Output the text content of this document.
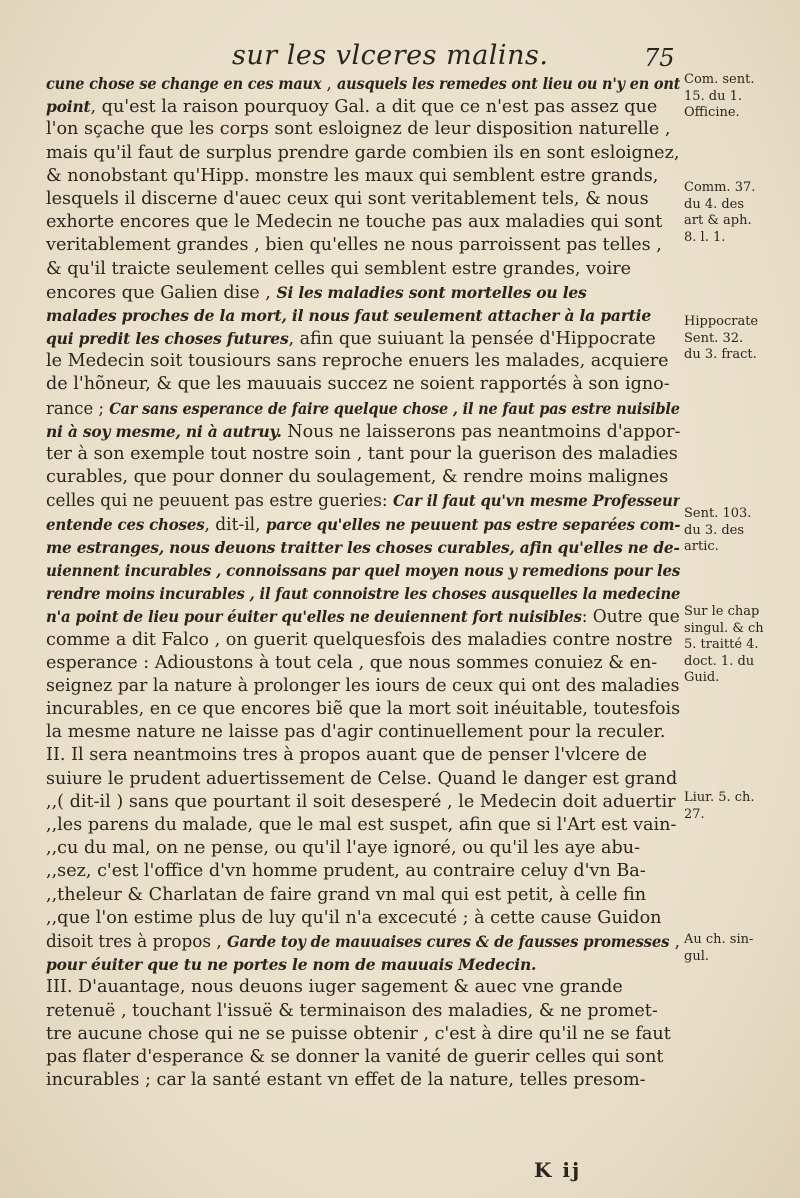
sur les vlceres malins.	75
cune chose se change en ces maux , ausquels les remedes ont lieu ou n'y en ont
point, qu'est la raison pourquoy Gal. a dit que ce n'est pas assez que
l'on sçache que les corps sont esloignez de leur disposition naturelle ,
mais qu'il faut de surplus prendre garde combien ils en sont esloignez,
& nonobstant qu'Hipp. monstre les maux qui semblent estre grands,
lesquels il discerne d'auec ceux qui sont veritablement tels, & nous
exhorte encores que le Medecin ne touche pas aux maladies qui sont
veritablement grandes , bien qu'elles ne nous parroissent pas telles ,
& qu'il traicte seulement celles qui semblent estre grandes, voire
encores que Galien dise , Si les maladies sont mortelles ou les
malades proches de la mort, il nous faut seulement attacher à la partie
qui predit les choses futures, afin que suiuant la pensée d'Hippocrate
le Medecin soit tousiours sans reproche enuers les malades, acquiere
de l'hõneur, & que les mauuais succez ne soient rapportés à son igno-
rance ; Car sans esperance de faire quelque chose , il ne faut pas estre nuisible
ni à soy mesme, ni à autruy. Nous ne laisserons pas neantmoins d'appor-
ter à son exemple tout nostre soin , tant pour la guerison des maladies
curables, que pour donner du soulagement, & rendre moins malignes
celles qui ne peuuent pas estre gueries: Car il faut qu'vn mesme Professeur
entende ces choses, dit-il, parce qu'elles ne peuuent pas estre separées com-
me estranges, nous deuons traitter les choses curables, afin qu'elles ne de-
uiennent incurables , connoissans par quel moyen nous y remedions pour les
rendre moins incurables , il faut connoistre les choses ausquelles la medecine
n'a point de lieu pour éuiter qu'elles ne deuiennent fort nuisibles: Outre que
comme a dit Falco , on guerit quelquesfois des maladies contre nostre
esperance : Adioustons à tout cela , que nous sommes conuiez & en-
seignez par la nature à prolonger les iours de ceux qui ont des maladies
incurables, en ce que encores biẽ que la mort soit inéuitable, toutesfois
la mesme nature ne laisse pas d'agir continuellement pour la reculer.
II. Il sera neantmoins tres à propos auant que de penser l'vlcere de
suiure le prudent aduertissement de Celse. Quand le danger est grand
,,( dit-il ) sans que pourtant il soit desesperé , le Medecin doit aduertir
,,les parens du malade, que le mal est suspet, afin que si l'Art est vain-
,,cu du mal, on ne pense, ou qu'il l'aye ignoré, ou qu'il les aye abu-
,,sez, c'est l'office d'vn homme prudent, au contraire celuy d'vn Ba-
,,theleur & Charlatan de faire grand vn mal qui est petit, à celle fin
,,que l'on estime plus de luy qu'il n'a excecuté ; à cette cause Guidon
disoit tres à propos , Garde toy de mauuaises cures & de fausses promesses ,
pour éuiter que tu ne portes le nom de mauuais Medecin.
III. D'auantage, nous deuons iuger sagement & auec vne grande
retenuë , touchant l'issuë & terminaison des maladies, & ne promet-
tre aucune chose qui ne se puisse obtenir , c'est à dire qu'il ne se faut
pas flater d'esperance & se donner la vanité de guerir celles qui sont
incurables ; car la santé estant vn effet de la nature, telles presom-
Com. sent.
15. du 1.
Officine.
Comm. 37.
du 4. des
art & aph.
8. l. 1.
Hippocrate
Sent. 32.
du 3. fract.
Sent. 103.
du 3. des
artic.
Sur le chap
singul. & ch
5. traitté 4.
doct. 1. du
Guid.
Liur. 5. ch.
27.
Au ch. sin-
gul.
K ij
